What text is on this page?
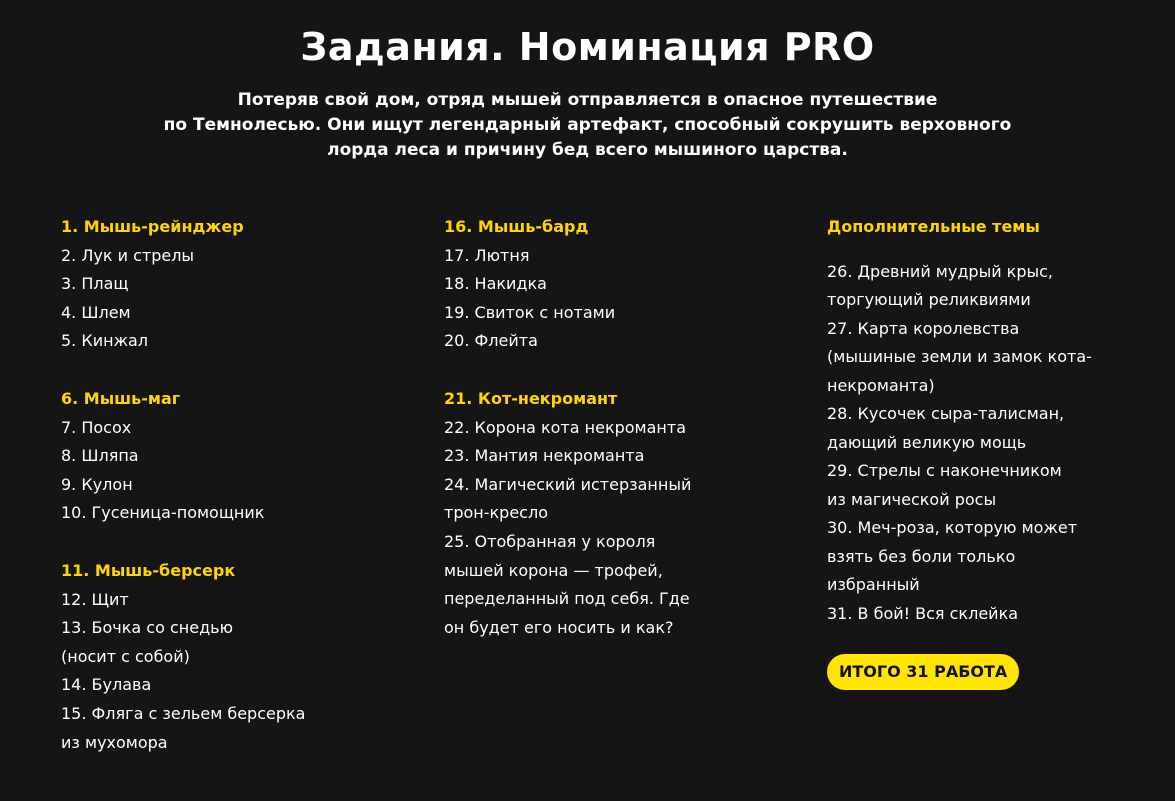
Задания. Номинация PRO
Потеряв свой дом, отряд мышей отправляется в опасное путешествие
по Темнолесью. Они ищут легендарный артефакт, способный сокрушить верховного
лорда леса и причину бед всего мышиного царства.
1. Мышь-рейнджер
2. Лук и стрелы
3. Плащ
4. Шлем
5. Кинжал
6. Мышь-маг
7. Посох
8. Шляпа
9. Кулон
10. Гусеница-помощник
11. Мышь-берсерк
12. Щит
13. Бочка со снедью
(носит с собой)
14. Булава
15. Фляга с зельем берсерка
из мухомора
16. Мышь-бард
17. Лютня
18. Накидка
19. Свиток с нотами
20. Флейта
21. Кот-некромант
22. Корона кота некроманта
23. Мантия некроманта
24. Магический истерзанный
трон-кресло
25. Отобранная у короля
мышей корона — трофей,
переделанный под себя. Где
он будет его носить и как?
Дополнительные темы
26. Древний мудрый крыс,
торгующий реликвиями
27. Карта королевства
(мышиные земли и замок кота-
некроманта)
28. Кусочек сыра-талисман,
дающий великую мощь
29. Стрелы с наконечником
из магической росы
30. Меч-роза, которую может
взять без боли только
избранный
31. В бой! Вся склейка
ИТОГО 31 РАБОТА
